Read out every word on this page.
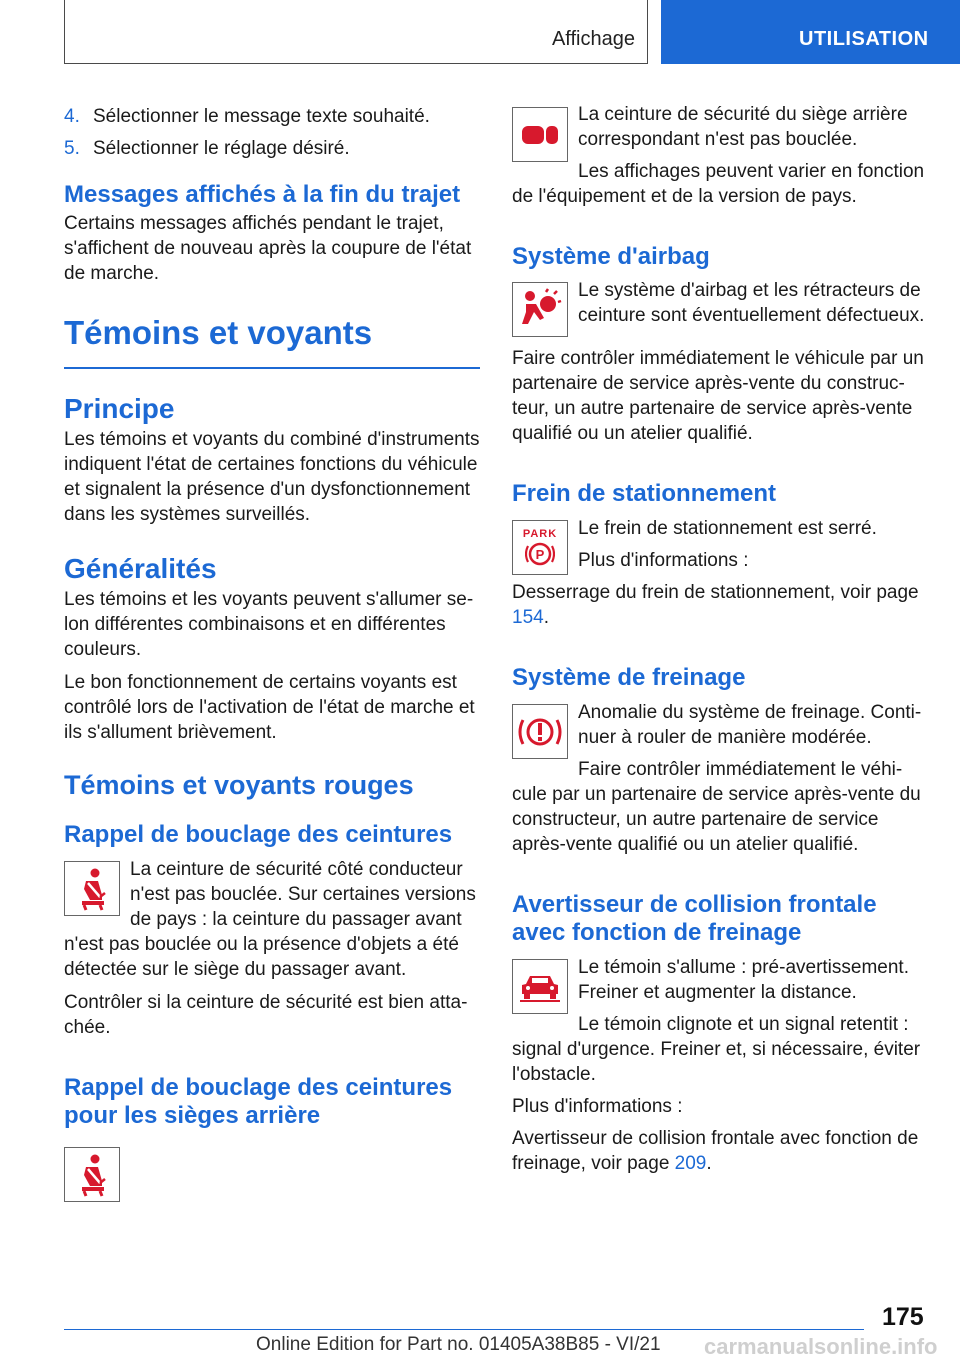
Affichage	UTILISATION
4. Sélectionner le message texte souhaité.
5. Sélectionner le réglage désiré.
Messages affichés à la fin du trajet

Certains messages affichés pendant le trajet, s'affichent de nouveau après la coupure de l'état de marche.

Témoins et voyants
Principe

Les témoins et voyants du combiné d'instruments indiquent l'état de certaines fonctions du véhicule et signalent la présence d'un dysfonctionnement dans les systèmes surveillés.

Généralités

Les témoins et les voyants peuvent s'allumer selon différentes combinaisons et en différentes couleurs.

Le bon fonctionnement de certains voyants est contrôlé lors de l'activation de l'état de marche et ils s'allument brièvement.

Témoins et voyants rouges
Rappel de bouclage des ceintures

La ceinture de sécurité côté conducteur n'est pas bouclée. Sur certaines versions de pays : la ceinture du passager avant n'est pas bouclée ou la présence d'objets a été détectée sur le siège du passager avant.

Contrôler si la ceinture de sécurité est bien attachée.

Rappel de bouclage des ceintures pour les sièges arrière

La ceinture de sécurité du siège arrière correspondant n'est pas bouclée.

Les affichages peuvent varier en fonction de l'équipement et de la version de pays.

Système d'airbag

Le système d'airbag et les rétracteurs de ceinture sont éventuellement défectueux.

Faire contrôler immédiatement le véhicule par un partenaire de service après-vente du constructeur, un autre partenaire de service après-vente qualifié ou un atelier qualifié.

Frein de stationnement
PARK
P

Le frein de stationnement est serré.

Plus d'informations :

Desserrage du frein de stationnement, voir page 154.

Système de freinage

Anomalie du système de freinage. Continuer à rouler de manière modérée.

Faire contrôler immédiatement le véhicule par un partenaire de service après-vente du constructeur, un autre partenaire de service après-vente qualifié ou un atelier qualifié.

Avertisseur de collision frontale avec fonction de freinage

Le témoin s'allume : pré-avertissement. Freiner et augmenter la distance.

Le témoin clignote et un signal retentit : signal d'urgence. Freiner et, si nécessaire, éviter l'obstacle.

Plus d'informations :

Avertisseur de collision frontale avec fonction de freinage, voir page 209.

175
Online Edition for Part no. 01405A38B85 - VI/21 carmanualsonline.info
